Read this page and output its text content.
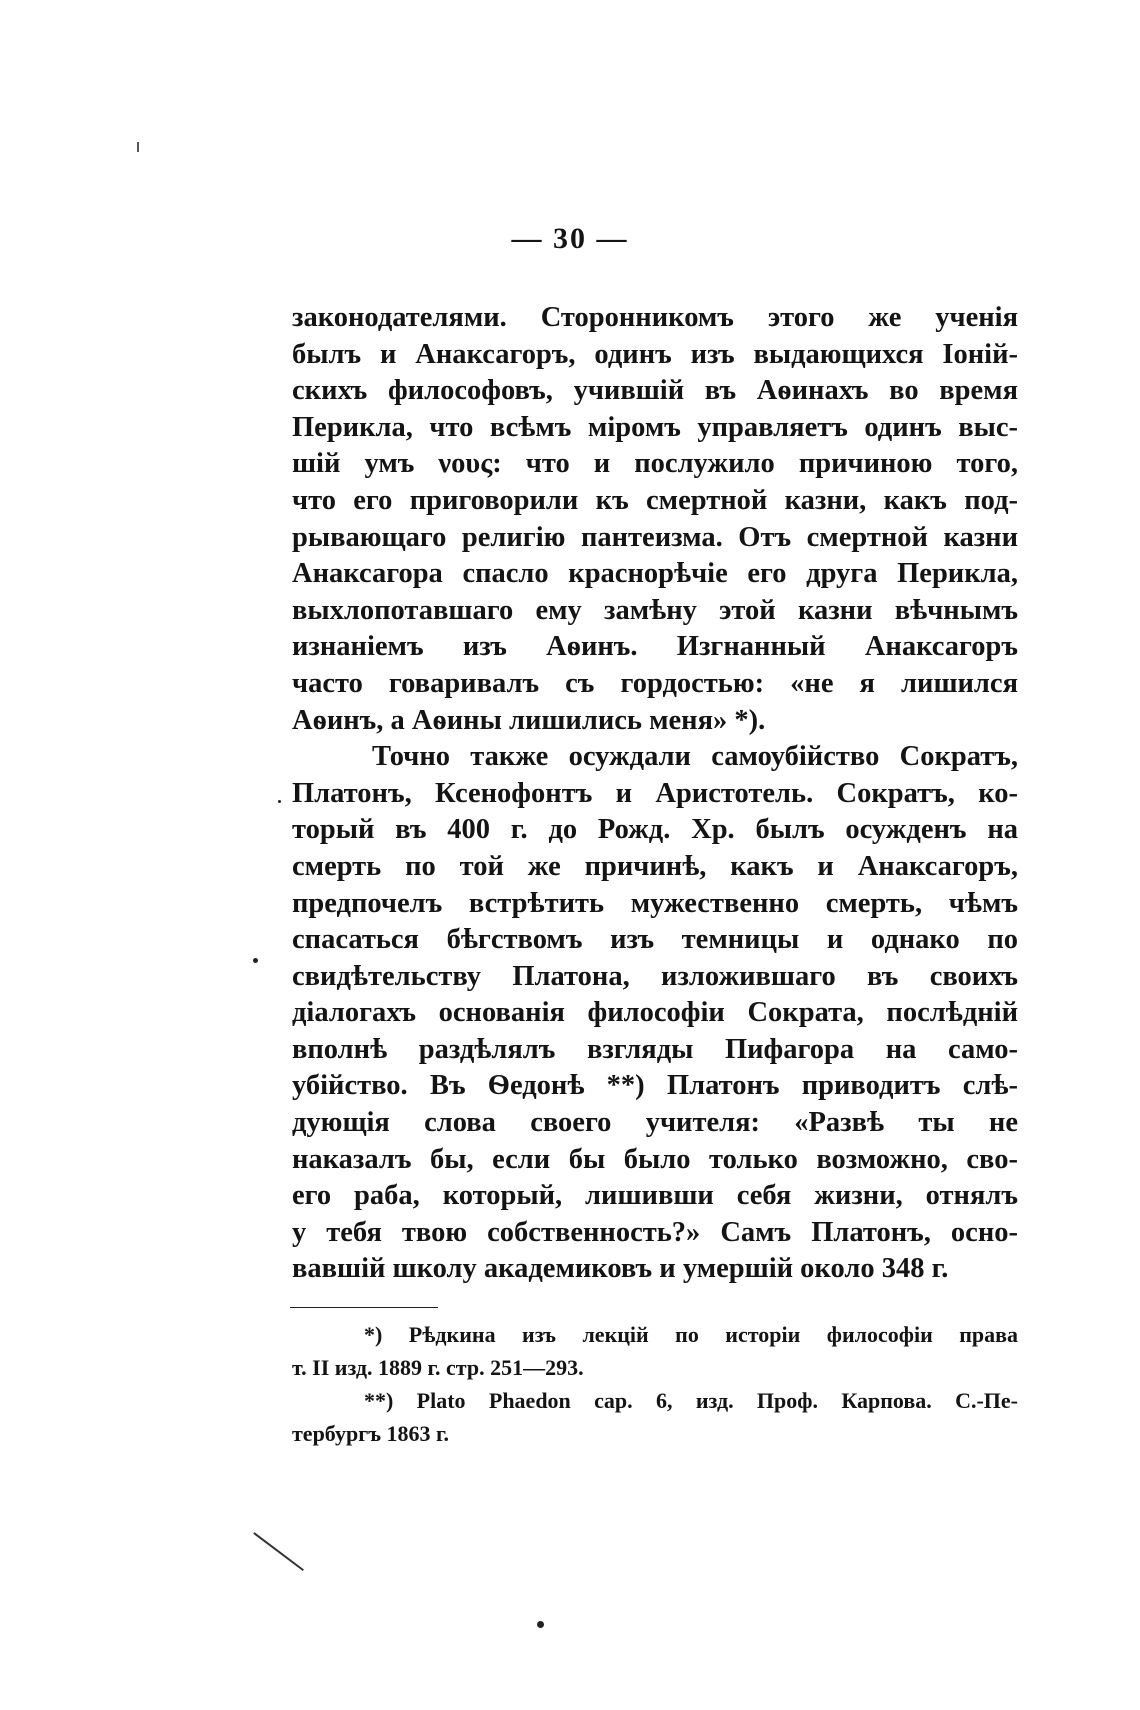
— 30 —
законодателями. Сторонникомъ этого же ученія
былъ и Анаксагоръ, одинъ изъ выдающихся Іоній-
скихъ философовъ, учившій въ Аѳинахъ во время
Перикла, что всѣмъ міромъ управляетъ одинъ выс-
шій умъ νους: что и послужило причиною того,
что его приговорили къ смертной казни, какъ под-
рывающаго религію пантеизма. Отъ смертной казни
Анаксагора спасло краснорѣчіе его друга Перикла,
выхлопотавшаго ему замѣну этой казни вѣчнымъ
изнаніемъ изъ Аѳинъ. Изгнанный Анаксагоръ
часто говаривалъ съ гордостью: «не я лишился
Аѳинъ, а Аѳины лишились меня» *).
Точно также осуждали самоубійство Сократъ,
Платонъ, Ксенофонтъ и Аристотель. Сократъ, ко-
торый въ 400 г. до Рожд. Хр. былъ осужденъ на
смерть по той же причинѣ, какъ и Анаксагоръ,
предпочелъ встрѣтить мужественно смерть, чѣмъ
спасаться бѣгствомъ изъ темницы и однако по
свидѣтельству Платона, изложившаго въ своихъ
діалогахъ основанія философіи Сократа, послѣдній
вполнѣ раздѣлялъ взгляды Пифагора на само-
убійство. Въ Ѳедонѣ **) Платонъ приводитъ слѣ-
дующія слова своего учителя: «Развѣ ты не
наказалъ бы, если бы было только возможно, сво-
его раба, который, лишивши себя жизни, отнялъ
у тебя твою собственность?» Самъ Платонъ, осно-
вавшій школу академиковъ и умершій около 348 г.
*) Рѣдкина изъ лекцій по исторіи философіи права
т. II изд. 1889 г. стр. 251—293.
**) Plato Phaedon cap. 6, изд. Проф. Карпова. С.-Пе-
тербургъ 1863 г.
